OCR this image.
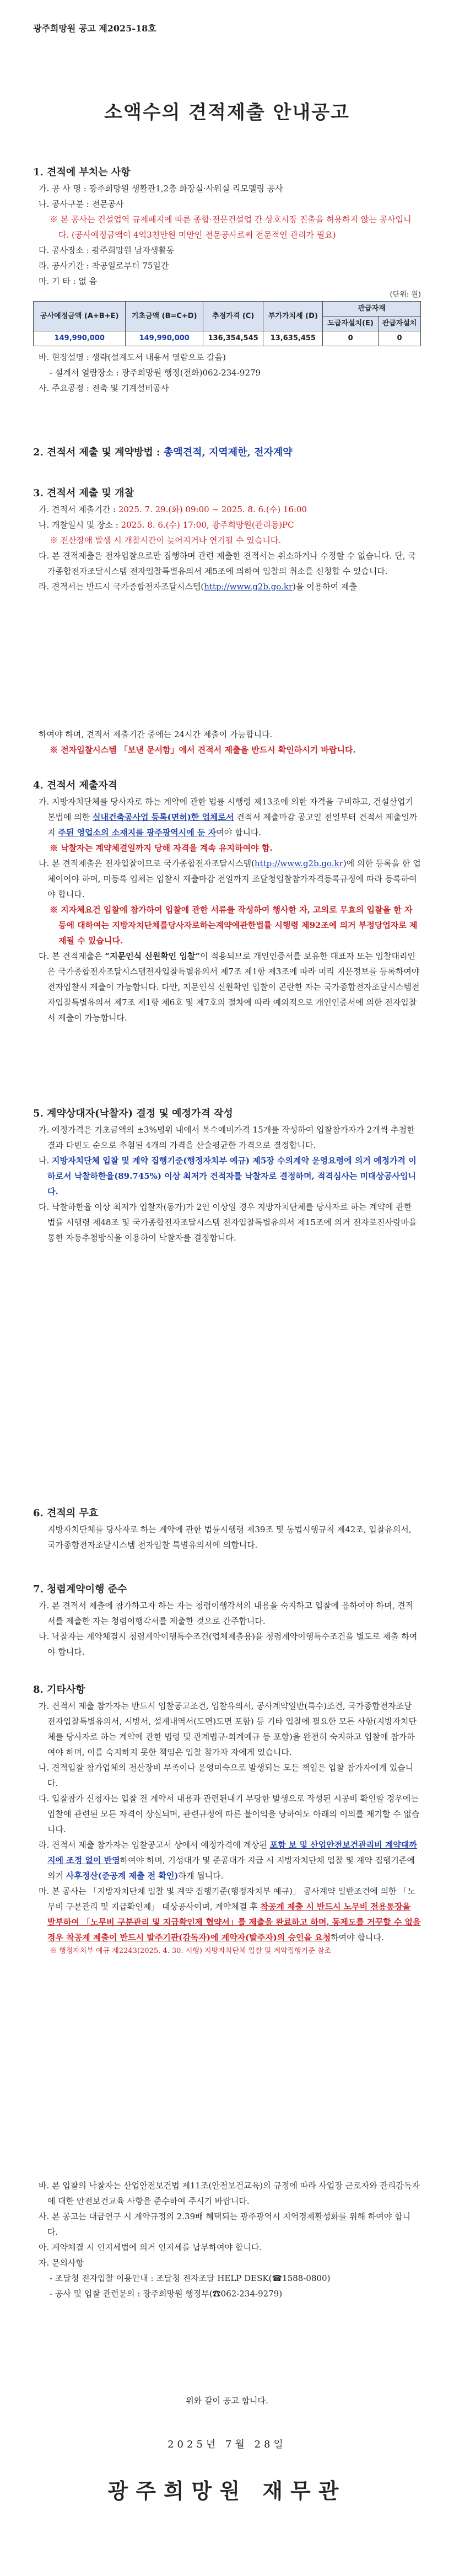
광주희망원 공고 제2025-18호

소액수의 견적제출 안내공고

1. 견적에 부치는 사항

가. 공 사 명 : 광주희망원 생활관1,2층 화장실·사워실 리모델링 공사

나. 공사구분 : 전문공사

※ 본 공사는 건설업역 규제폐지에 따른 종합·전문건설업 간 상호시장 진출을 허용하지 않는 공사입니다. (공사예정금액이 4억3천만원 미만인 전문공사로써 전문적인 관리가 필요)

다. 공사장소 : 광주희망원 남자생활동

라. 공사기간 : 착공일로부터 75일간

마. 기 타 : 없 음

(단위: 원)

공사예정금액 (A+B+E)	기초금액 (B=C+D)	추정가격 (C)	부가가치세 (D)	관급자재	
				도급자설치(E)	관급자설치
149,990,000	149,990,000	136,354,545	13,635,455	0	0

바. 현장설명 : 생략(설계도서 내용서 열람으로 갈음)

- 설계서 열람장소 : 광주희망원 행정(전화)062-234-9279

사. 주요공정 : 전축 및 기계설비공사

2. 견적서 제출 및 계약방법 : 총액견적, 지역제한, 전자계약
3. 견적서 제출 및 개찰

가. 견적서 제출기간 : 2025. 7. 29.(화) 09:00 ~ 2025. 8. 6.(수) 16:00

나. 개찰일시 및 장소 : 2025. 8. 6.(수) 17:00, 광주희망원(관리동)PC

※ 전산장애 발생 시 개찰시간이 늦어지거나 연기될 수 있습니다.

다. 본 견적제출은 전자입찰으로만 집행하며 관련 제출한 견적서는 취소하거나 수정할 수 없습니다. 단, 국가종합전자조달시스템 전자입찰특별유의서 제5조에 의하여 입찰의 취소를 신청할 수 있습니다.

라. 견적서는 반드시 국가종합전자조달시스템(http://www.g2b.go.kr)을 이용하여 제출

하여야 하며, 견적서 제출기간 중에는 24시간 제출이 가능합니다.

※ 전자입찰시스템 「보낸 문서함」에서 견적서 제출을 반드시 확인하시기 바랍니다.

4. 견적서 제출자격

가. 지방자치단체를 당사자로 하는 계약에 관한 법률 시행령 제13조에 의한 자격을 구비하고, 건설산업기본법에 의한 실내건축공사업 등록(면허)한 업체로서 견적서 제출마감 공고일 전일부터 견적서 제출일까지 주된 영업소의 소재지를 광주광역시에 둔 자여야 합니다.

※ 낙찰자는 계약체결일까지 당해 자격을 계속 유지하여야 함.

나. 본 견적제출은 전자입찰이므로 국가종합전자조달시스템(http://www.g2b.go.kr)에 의한 등록을 한 업체이어야 하며, 미등록 업체는 입찰서 제출마감 전일까지 조달청입찰참가자격등록규정에 따라 등록하여야 합니다.

※ 지자체요건 입찰에 참가하여 입찰에 관한 서류를 작성하여 행사한 자, 고의로 무효의 입찰을 한 자 등에 대하여는 지방자치단체를당사자로하는계약에관한법률 시행령 제92조에 의거 부정당업자로 제재될 수 있습니다.

다. 본 견적제출은 “지문인식 신원확인 입찰”이 적용되므로 개인인증서를 보유한 대표자 또는 입찰대리인은 국가종합전자조달시스템전자입찰특별유의서 제7조 제1항 제3조에 따라 미리 지문정보를 등록하여야 전자입찰서 제출이 가능합니다. 다만, 지문인식 신원확인 입찰이 곤란한 자는 국가종합전자조달시스템전자입찰특별유의서 제7조 제1항 제6호 및 제7호의 절차에 따라 예외적으로 개인인증서에 의한 전자입찰서 제출이 가능합니다.

5. 계약상대자(낙찰자) 결정 및 예정가격 작성

가. 예정가격은 기초금액의 ±3%범위 내에서 복수예비가격 15개를 작성하여 입찰참가자가 2개씩 추첨한 결과 다빈도 순으로 추첨된 4개의 가격을 산술평균한 가격으로 결정합니다.

나. 지방자치단체 입찰 및 계약 집행기준(행정자치부 예규) 제5장 수의계약 운영요령에 의거 예정가격 이하로서 낙찰하한율(89.745%) 이상 최저가 견적자를 낙찰자로 결정하며, 적격심사는 미대상공사입니다.

다. 낙찰하한율 이상 최저가 입찰자(동가)가 2인 이상일 경우 지방자치단체를 당사자로 하는 계약에 관한 법률 시행령 제48조 및 국가종합전자조달시스템 전자입찰특별유의서 제15조에 의거 전자로진사랑마을 통한 자동추첨방식을 이용하여 낙찰자를 결정합니다.

6. 견적의 무효

지방자치단체를 당사자로 하는 계약에 관한 법률시행령 제39조 및 동법시행규칙 제42조, 입찰유의서, 국가종합전자조달시스템 전자입찰 특별유의서에 의합니다.

7. 청렴계약이행 준수

가. 본 견적서 제출에 참가하고자 하는 자는 청렴이행각서의 내용을 숙지하고 입찰에 응하여야 하며, 견적서를 제출한 자는 청렴이행각서를 제출한 것으로 간주합니다.

나. 낙찰자는 계약체결시 청렴계약이행특수조건(업체제출용)을 청렴계약이행특수조건을 별도로 제출 하여야 합니다.

8. 기타사항

가. 견적서 제출 참가자는 반드시 입찰공고조건, 입찰유의서, 공사계약일반(특수)조건, 국가종합전자조달 전자입찰특별유의서, 시방서, 설계내역서(도면)도면 포함) 등 기타 입찰에 필요한 모든 사항(지방자치단체를 당사자로 하는 계약에 관한 법령 및 관계법규·회계예규 등 포함)을 완전히 숙지하고 입찰에 참가하여야 하며, 이를 숙지하지 못한 책임은 입찰 참가자 자에게 있습니다.

나. 견적입찰 참가업체의 전산장비 부족이나 운영미숙으로 발생되는 모든 책임은 입찰 참가자에게 있습니다.

다. 입찰참가 신청자는 입찰 전 계약서 내용과 관련된내기 부당한 발생으로 작성된 시공비 확인할 경우에는 입찰에 관련된 모든 자격이 상실되며, 관련규정에 따른 불이익을 당하여도 아래의 이의를 제기할 수 없습니다.

라. 견적서 제출 참가자는 입찰공고서 상에서 예정가격에 계상된 포함 보 및 산업안전보건관리비 계약대까지에 조정 없이 반영하여야 하며, 기성대가 및 준공대가 지급 시 지방자치단체 입찰 및 계약 집행기준에 의거 사후정산(준공계 제출 전 확인)하게 됩니다.

마. 본 공사는 「지방자치단체 입찰 및 계약 집행기준(행정자치부 예규)」 공사계약 일반조건에 의한 「노무비 구분관리 및 지급확인제」 대상공사이며, 계약체결 후 착공계 제출 시 반드시 노무비 전용통장을 발부하여 「노무비 구분관리 및 지급확인제 협약서」를 제출을 완료하고 하며, 동제도를 거꾸할 수 없을 경우 착공계 제출이 반드시 발주기관(감독자)에 계약자(발주자)의 승인을 요청하여야 합니다.

※ 행정자치부 예규 제2243(2025. 4. 30. 시행) 지방자치단체 입찰 및 계약집행기준 참조

바. 본 입찰의 낙찰자는 산업안전보건법 제11조(안전보건교육)의 규정에 따라 사업장 근로자와 관리감독자에 대한 안전보건교육 사항을 준수하여 주시기 바랍니다.

사. 본 공고는 대금연구 시 계약규정의 2.39배 혜택되는 광주광역시 지역경제활성화를 위해 하여야 합니다.

아. 계약체결 시 인지세법에 의거 인지세를 납부하여야 합니다.

자. 문의사항

- 조달청 전자입찰 이용안내 : 조달청 전자조달 HELP DESK(☎1588-0800)

- 공사 및 입찰 관련문의 : 광주희망원 행정부(☎062-234-9279)

위와 같이 공고 합니다.

2025년 7월 28일

광주희망원 재무관
